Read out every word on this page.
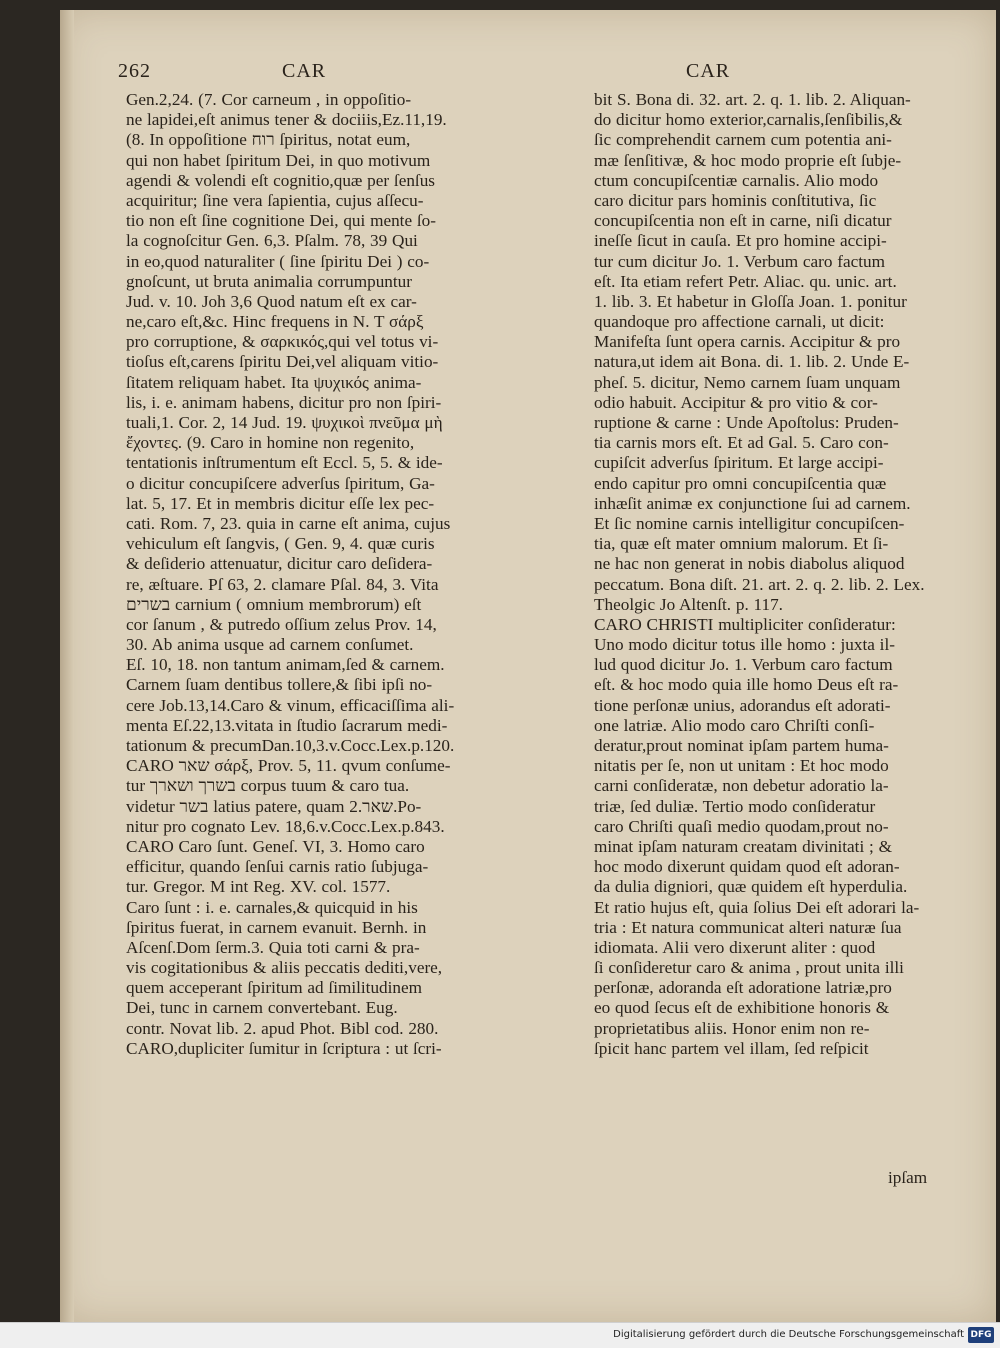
262	CAR	CAR
Gen.2,24. (7. Cor carneum , in oppoſitio-
ne lapidei,eſt animus tener & dociiis,Ez.11,19.
(8. In oppoſitione רוח ſpiritus, notat eum,
qui non habet ſpiritum Dei, in quo motivum
agendi & volendi eſt cognitio,quæ per ſenſus
acquiritur; ſine vera ſapientia, cujus aſſecu-
tio non eſt ſine cognitione Dei, qui mente ſo-
la cognoſcitur Gen. 6,3. Pſalm. 78, 39 Qui
in eo,quod naturaliter ( ſine ſpiritu Dei ) co-
gnoſcunt, ut bruta animalia corrumpuntur
Jud. v. 10. Joh 3,6 Quod natum eſt ex car-
ne,caro eſt,&c. Hinc frequens in N. T σάρξ
pro corruptione, & σαρκικός,qui vel totus vi-
tioſus eſt,carens ſpiritu Dei,vel aliquam vitio-
ſitatem reliquam habet. Ita ψυχικός anima-
lis, i. e. animam habens, dicitur pro non ſpiri-
tuali,1. Cor. 2, 14 Jud. 19. ψυχικοὶ πνεῦμα μὴ
ἔχοντες. (9. Caro in homine non regenito,
tentationis inſtrumentum eſt Eccl. 5, 5. & ide-
o dicitur concupiſcere adverſus ſpiritum, Ga-
lat. 5, 17. Et in membris dicitur eſſe lex pec-
cati. Rom. 7, 23. quia in carne eſt anima, cujus
vehiculum eſt ſangvis, ( Gen. 9, 4. quæ curis
& deſiderio attenuatur, dicitur caro deſidera-
re, æſtuare. Pſ 63, 2. clamare Pſal. 84, 3. Vita
בשרים carnium ( omnium membrorum) eſt
cor ſanum , & putredo oſſium zelus Prov. 14,
30. Ab anima usque ad carnem conſumet.
Eſ. 10, 18. non tantum animam,ſed & carnem.
Carnem ſuam dentibus tollere,& ſibi ipſi no-
cere Job.13,14.Caro & vinum, efficaciſſima ali-
menta Eſ.22,13.vitata in ſtudio ſacrarum medi-
tationum & precumDan.10,3.v.Cocc.Lex.p.120.
CARO שאר σάρξ, Prov. 5, 11. qvum conſume-
tur בשרך ושארך corpus tuum & caro tua.
videtur בשר latius patere, quam שאר.2.Po-
nitur pro cognato Lev. 18,6.v.Cocc.Lex.p.843.
CARO Caro ſunt. Geneſ. VI, 3. Homo caro
efficitur, quando ſenſui carnis ratio ſubjuga-
tur. Gregor. M int Reg. XV. col. 1577.
Caro ſunt : i. e. carnales,& quicquid in his
ſpiritus fuerat, in carnem evanuit. Bernh. in
Aſcenſ.Dom ſerm.3. Quia toti carni & pra-
vis cogitationibus & aliis peccatis dediti,vere,
quem acceperant ſpiritum ad ſimilitudinem
Dei, tunc in carnem convertebant. Eug.
contr. Novat lib. 2. apud Phot. Bibl cod. 280.
CARO,dupliciter ſumitur in ſcriptura : ut ſcri-
bit S. Bona di. 32. art. 2. q. 1. lib. 2. Aliquan-
do dicitur homo exterior,carnalis,ſenſibilis,&
ſic comprehendit carnem cum potentia ani-
mæ ſenſitivæ, & hoc modo proprie eſt ſubje-
ctum concupiſcentiæ carnalis. Alio modo
caro dicitur pars hominis conſtitutiva, ſic
concupiſcentia non eſt in carne, niſi dicatur
ineſſe ſicut in cauſa. Et pro homine accipi-
tur cum dicitur Jo. 1. Verbum caro factum
eſt. Ita etiam refert Petr. Aliac. qu. unic. art.
1. lib. 3. Et habetur in Gloſſa Joan. 1. ponitur
quandoque pro affectione carnali, ut dicit:
Manifeſta ſunt opera carnis. Accipitur & pro
natura,ut idem ait Bona. di. 1. lib. 2. Unde E-
pheſ. 5. dicitur, Nemo carnem ſuam unquam
odio habuit. Accipitur & pro vitio & cor-
ruptione & carne : Unde Apoſtolus: Pruden-
tia carnis mors eſt. Et ad Gal. 5. Caro con-
cupiſcit adverſus ſpiritum. Et large accipi-
endo capitur pro omni concupiſcentia quæ
inhæſit animæ ex conjunctione ſui ad carnem.
Et ſic nomine carnis intelligitur concupiſcen-
tia, quæ eſt mater omnium malorum. Et ſi-
ne hac non generat in nobis diabolus aliquod
peccatum. Bona diſt. 21. art. 2. q. 2. lib. 2. Lex.
Theolgic Jo Altenſt. p. 117.
CARO CHRISTI multipliciter conſideratur:
Uno modo dicitur totus ille homo : juxta il-
lud quod dicitur Jo. 1. Verbum caro factum
eſt. & hoc modo quia ille homo Deus eſt ra-
tione perſonæ unius, adorandus eſt adorati-
one latriæ. Alio modo caro Chriſti conſi-
deratur,prout nominat ipſam partem huma-
nitatis per ſe, non ut unitam : Et hoc modo
carni conſideratæ, non debetur adoratio la-
triæ, ſed duliæ. Tertio modo conſideratur
caro Chriſti quaſi medio quodam,prout no-
minat ipſam naturam creatam divinitati ; &
hoc modo dixerunt quidam quod eſt adoran-
da dulia digniori, quæ quidem eſt hyperdulia.
Et ratio hujus eſt, quia ſolius Dei eſt adorari la-
tria : Et natura communicat alteri naturæ ſua
idiomata. Alii vero dixerunt aliter : quod
ſi conſideretur caro & anima , prout unita illi
perſonæ, adoranda eſt adoratione latriæ,pro
eo quod ſecus eſt de exhibitione honoris &
proprietatibus aliis. Honor enim non re-
ſpicit hanc partem vel illam, ſed reſpicit
ipſam
Digitalisierung gefördert durch die Deutsche Forschungsgemeinschaft DFG
